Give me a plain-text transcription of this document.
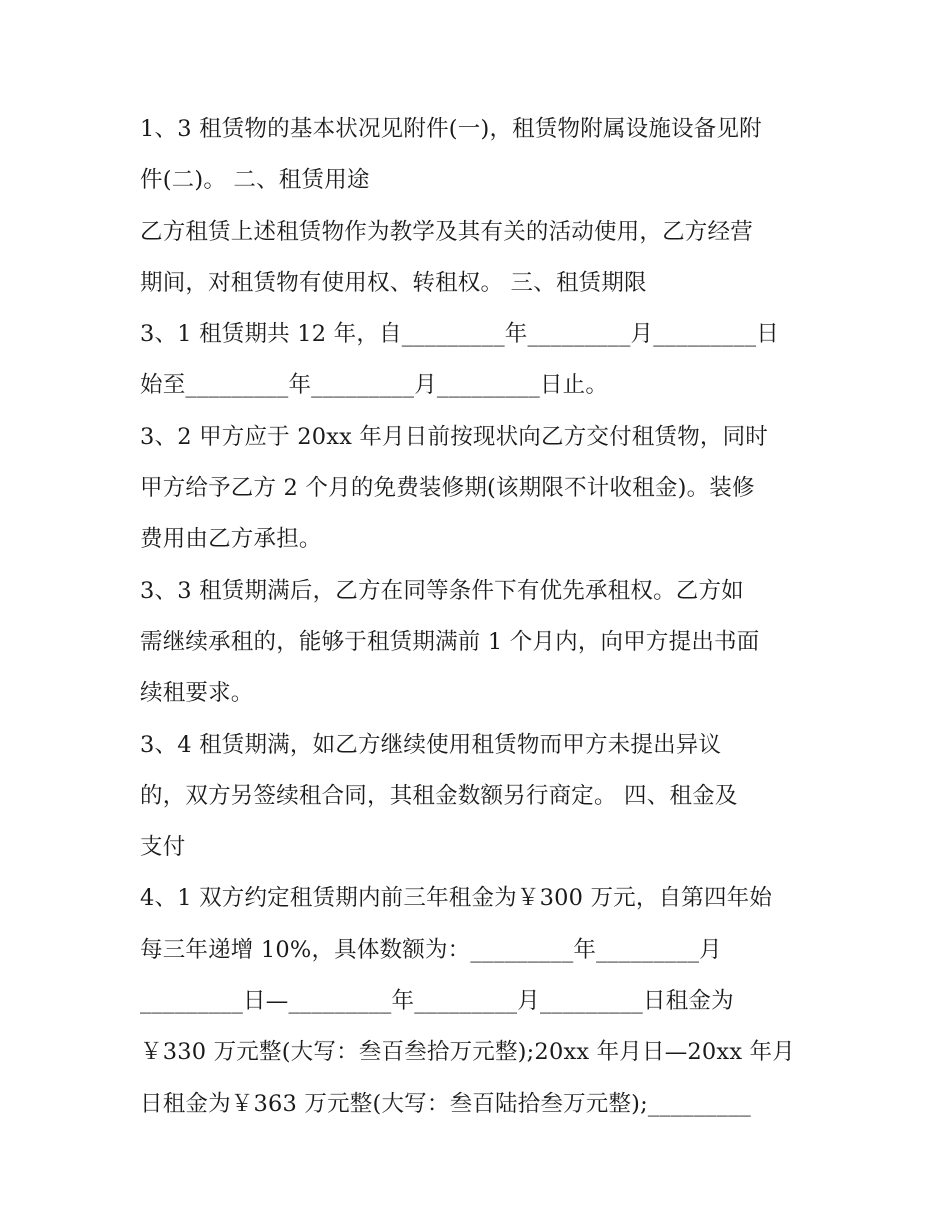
1、3 租赁物的基本状况见附件(一)，租赁物附属设施设备见附
件(二)。 二、租赁用途
乙方租赁上述租赁物作为教学及其有关的活动使用，乙方经营
期间，对租赁物有使用权、转租权。 三、租赁期限
3、1 租赁期共 12 年，自_________年_________月_________日
始至_________年_________月_________日止。
3、2 甲方应于 20xx 年月日前按现状向乙方交付租赁物，同时
甲方给予乙方 2 个月的免费装修期(该期限不计收租金)。装修
费用由乙方承担。
3、3 租赁期满后，乙方在同等条件下有优先承租权。乙方如
需继续承租的，能够于租赁期满前 1 个月内，向甲方提出书面
续租要求。
3、4 租赁期满，如乙方继续使用租赁物而甲方未提出异议
的，双方另签续租合同，其租金数额另行商定。 四、租金及
支付
4、1 双方约定租赁期内前三年租金为￥300 万元，自第四年始
每三年递增 10%，具体数额为：_________年_________月
_________日—_________年_________月_________日租金为
￥330 万元整(大写：叁百叁拾万元整);20xx 年月日—20xx 年月
日租金为￥363 万元整(大写：叁百陆拾叁万元整);_________
